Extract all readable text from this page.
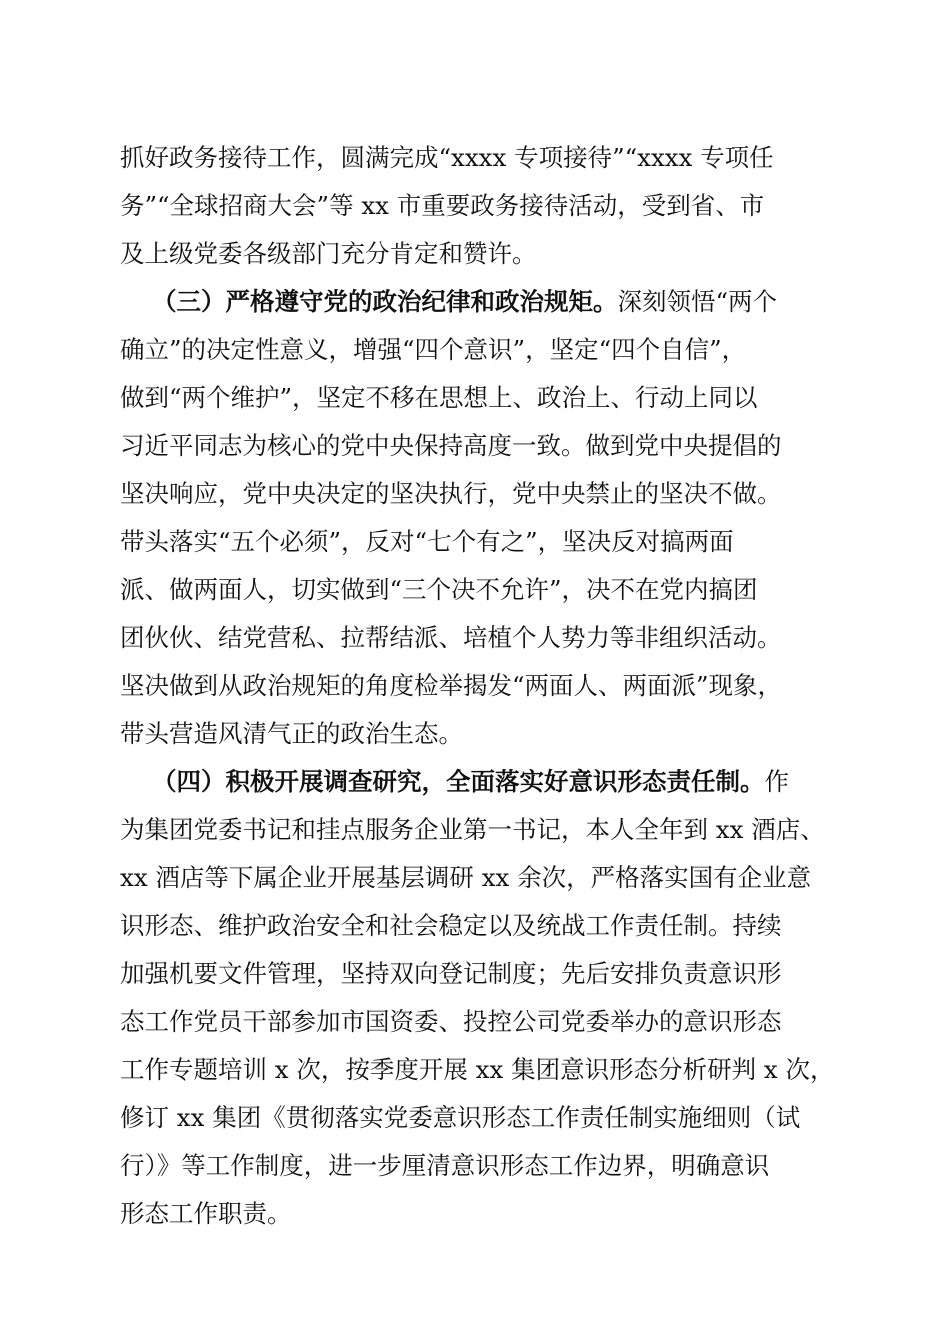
抓好政务接待工作，圆满完成“xxxx 专项接待”“xxxx 专项任

务”“全球招商大会”等 xx 市重要政务接待活动，受到省、市

及上级党委各级部门充分肯定和赞许。

（三）严格遵守党的政治纪律和政治规矩。深刻领悟“两个

确立”的决定性意义，增强“四个意识”，坚定“四个自信”，

做到“两个维护”，坚定不移在思想上、政治上、行动上同以

习近平同志为核心的党中央保持高度一致。做到党中央提倡的

坚决响应，党中央决定的坚决执行，党中央禁止的坚决不做。

带头落实“五个必须”，反对“七个有之”，坚决反对搞两面

派、做两面人，切实做到“三个决不允许”，决不在党内搞团

团伙伙、结党营私、拉帮结派、培植个人势力等非组织活动。

坚决做到从政治规矩的角度检举揭发“两面人、两面派”现象，

带头营造风清气正的政治生态。

（四）积极开展调查研究，全面落实好意识形态责任制。作

为集团党委书记和挂点服务企业第一书记，本人全年到 xx 酒店、

xx 酒店等下属企业开展基层调研 xx 余次，严格落实国有企业意

识形态、维护政治安全和社会稳定以及统战工作责任制。持续

加强机要文件管理，坚持双向登记制度；先后安排负责意识形

态工作党员干部参加市国资委、投控公司党委举办的意识形态

工作专题培训 x 次，按季度开展 xx 集团意识形态分析研判 x 次，

修订 xx 集团《贯彻落实党委意识形态工作责任制实施细则（试

行）》等工作制度，进一步厘清意识形态工作边界，明确意识

形态工作职责。
